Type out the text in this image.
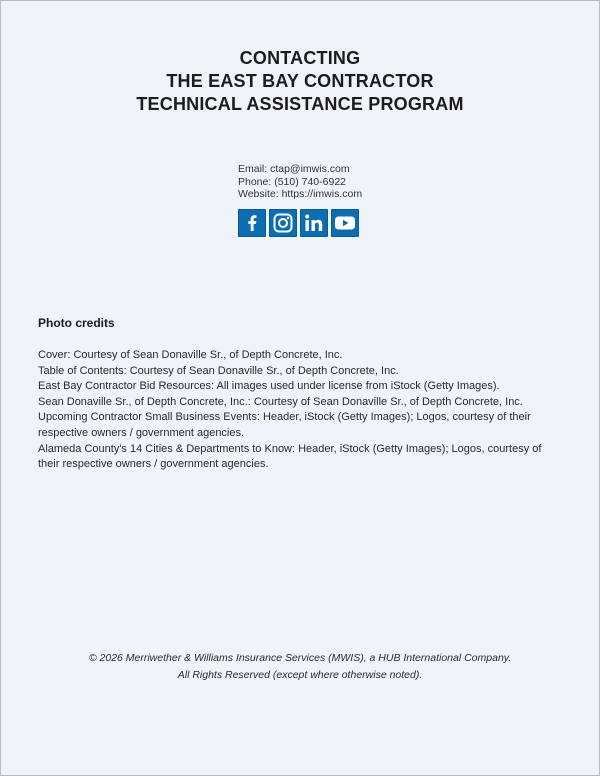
CONTACTING
THE EAST BAY CONTRACTOR
TECHNICAL ASSISTANCE PROGRAM
Email: ctap@imwis.com
Phone: (510) 740-6922
Website: https://imwis.com
Photo credits

Cover: Courtesy of Sean Donaville Sr., of Depth Concrete, Inc.

Table of Contents: Courtesy of Sean Donaville Sr., of Depth Concrete, Inc.

East Bay Contractor Bid Resources: All images used under license from iStock (Getty Images).

Sean Donaville Sr., of Depth Concrete, Inc.: Courtesy of Sean Donaville Sr., of Depth Concrete, Inc.

Upcoming Contractor Small Business Events: Header, iStock (Getty Images); Logos, courtesy of their respective owners / government agencies.

Alameda County's 14 Cities & Departments to Know: Header, iStock (Getty Images); Logos, courtesy of their respective owners / government agencies.

© 2026 Merriwether & Williams Insurance Services (MWIS), a HUB International Company.
All Rights Reserved (except where otherwise noted).
